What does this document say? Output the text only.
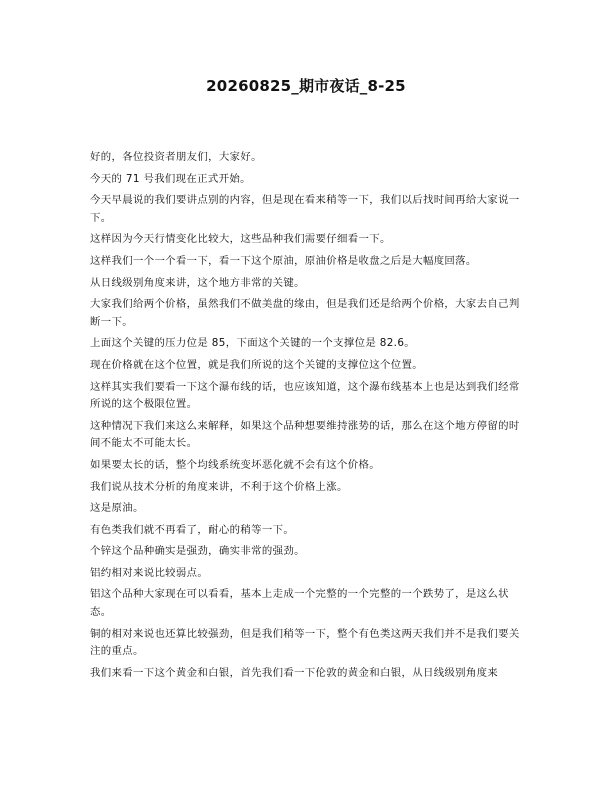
20260825_期市夜话_8-25

好的，各位投资者朋友们，大家好。

今天的 71 号我们现在正式开始。

今天早晨说的我们要讲点别的内容，但是现在看来稍等一下，我们以后找时间再给大家说一下。

这样因为今天行情变化比较大，这些品种我们需要仔细看一下。

这样我们一个一个看一下，看一下这个原油，原油价格是收盘之后是大幅度回落。

从日线级别角度来讲，这个地方非常的关键。

大家我们给两个价格，虽然我们不做美盘的缘由，但是我们还是给两个价格，大家去自己判断一下。

上面这个关键的压力位是 85，下面这个关键的一个支撑位是 82.6。

现在价格就在这个位置，就是我们所说的这个关键的支撑位这个位置。

这样其实我们要看一下这个瀑布线的话，也应该知道，这个瀑布线基本上也是达到我们经常所说的这个极限位置。

这种情况下我们来这么来解释，如果这个品种想要维持涨势的话，那么在这个地方停留的时间不能太不可能太长。

如果要太长的话，整个均线系统变坏恶化就不会有这个价格。

我们说从技术分析的角度来讲，不利于这个价格上涨。

这是原油。

有色类我们就不再看了，耐心的稍等一下。

个锌这个品种确实是强劲，确实非常的强劲。

铝约相对来说比较弱点。

铝这个品种大家现在可以看看，基本上走成一个完整的一个完整的一个跌势了，是这么状态。

铜的相对来说也还算比较强劲，但是我们稍等一下，整个有色类这两天我们并不是我们要关注的重点。

我们来看一下这个黄金和白银，首先我们看一下伦敦的黄金和白银，从日线级别角度来
